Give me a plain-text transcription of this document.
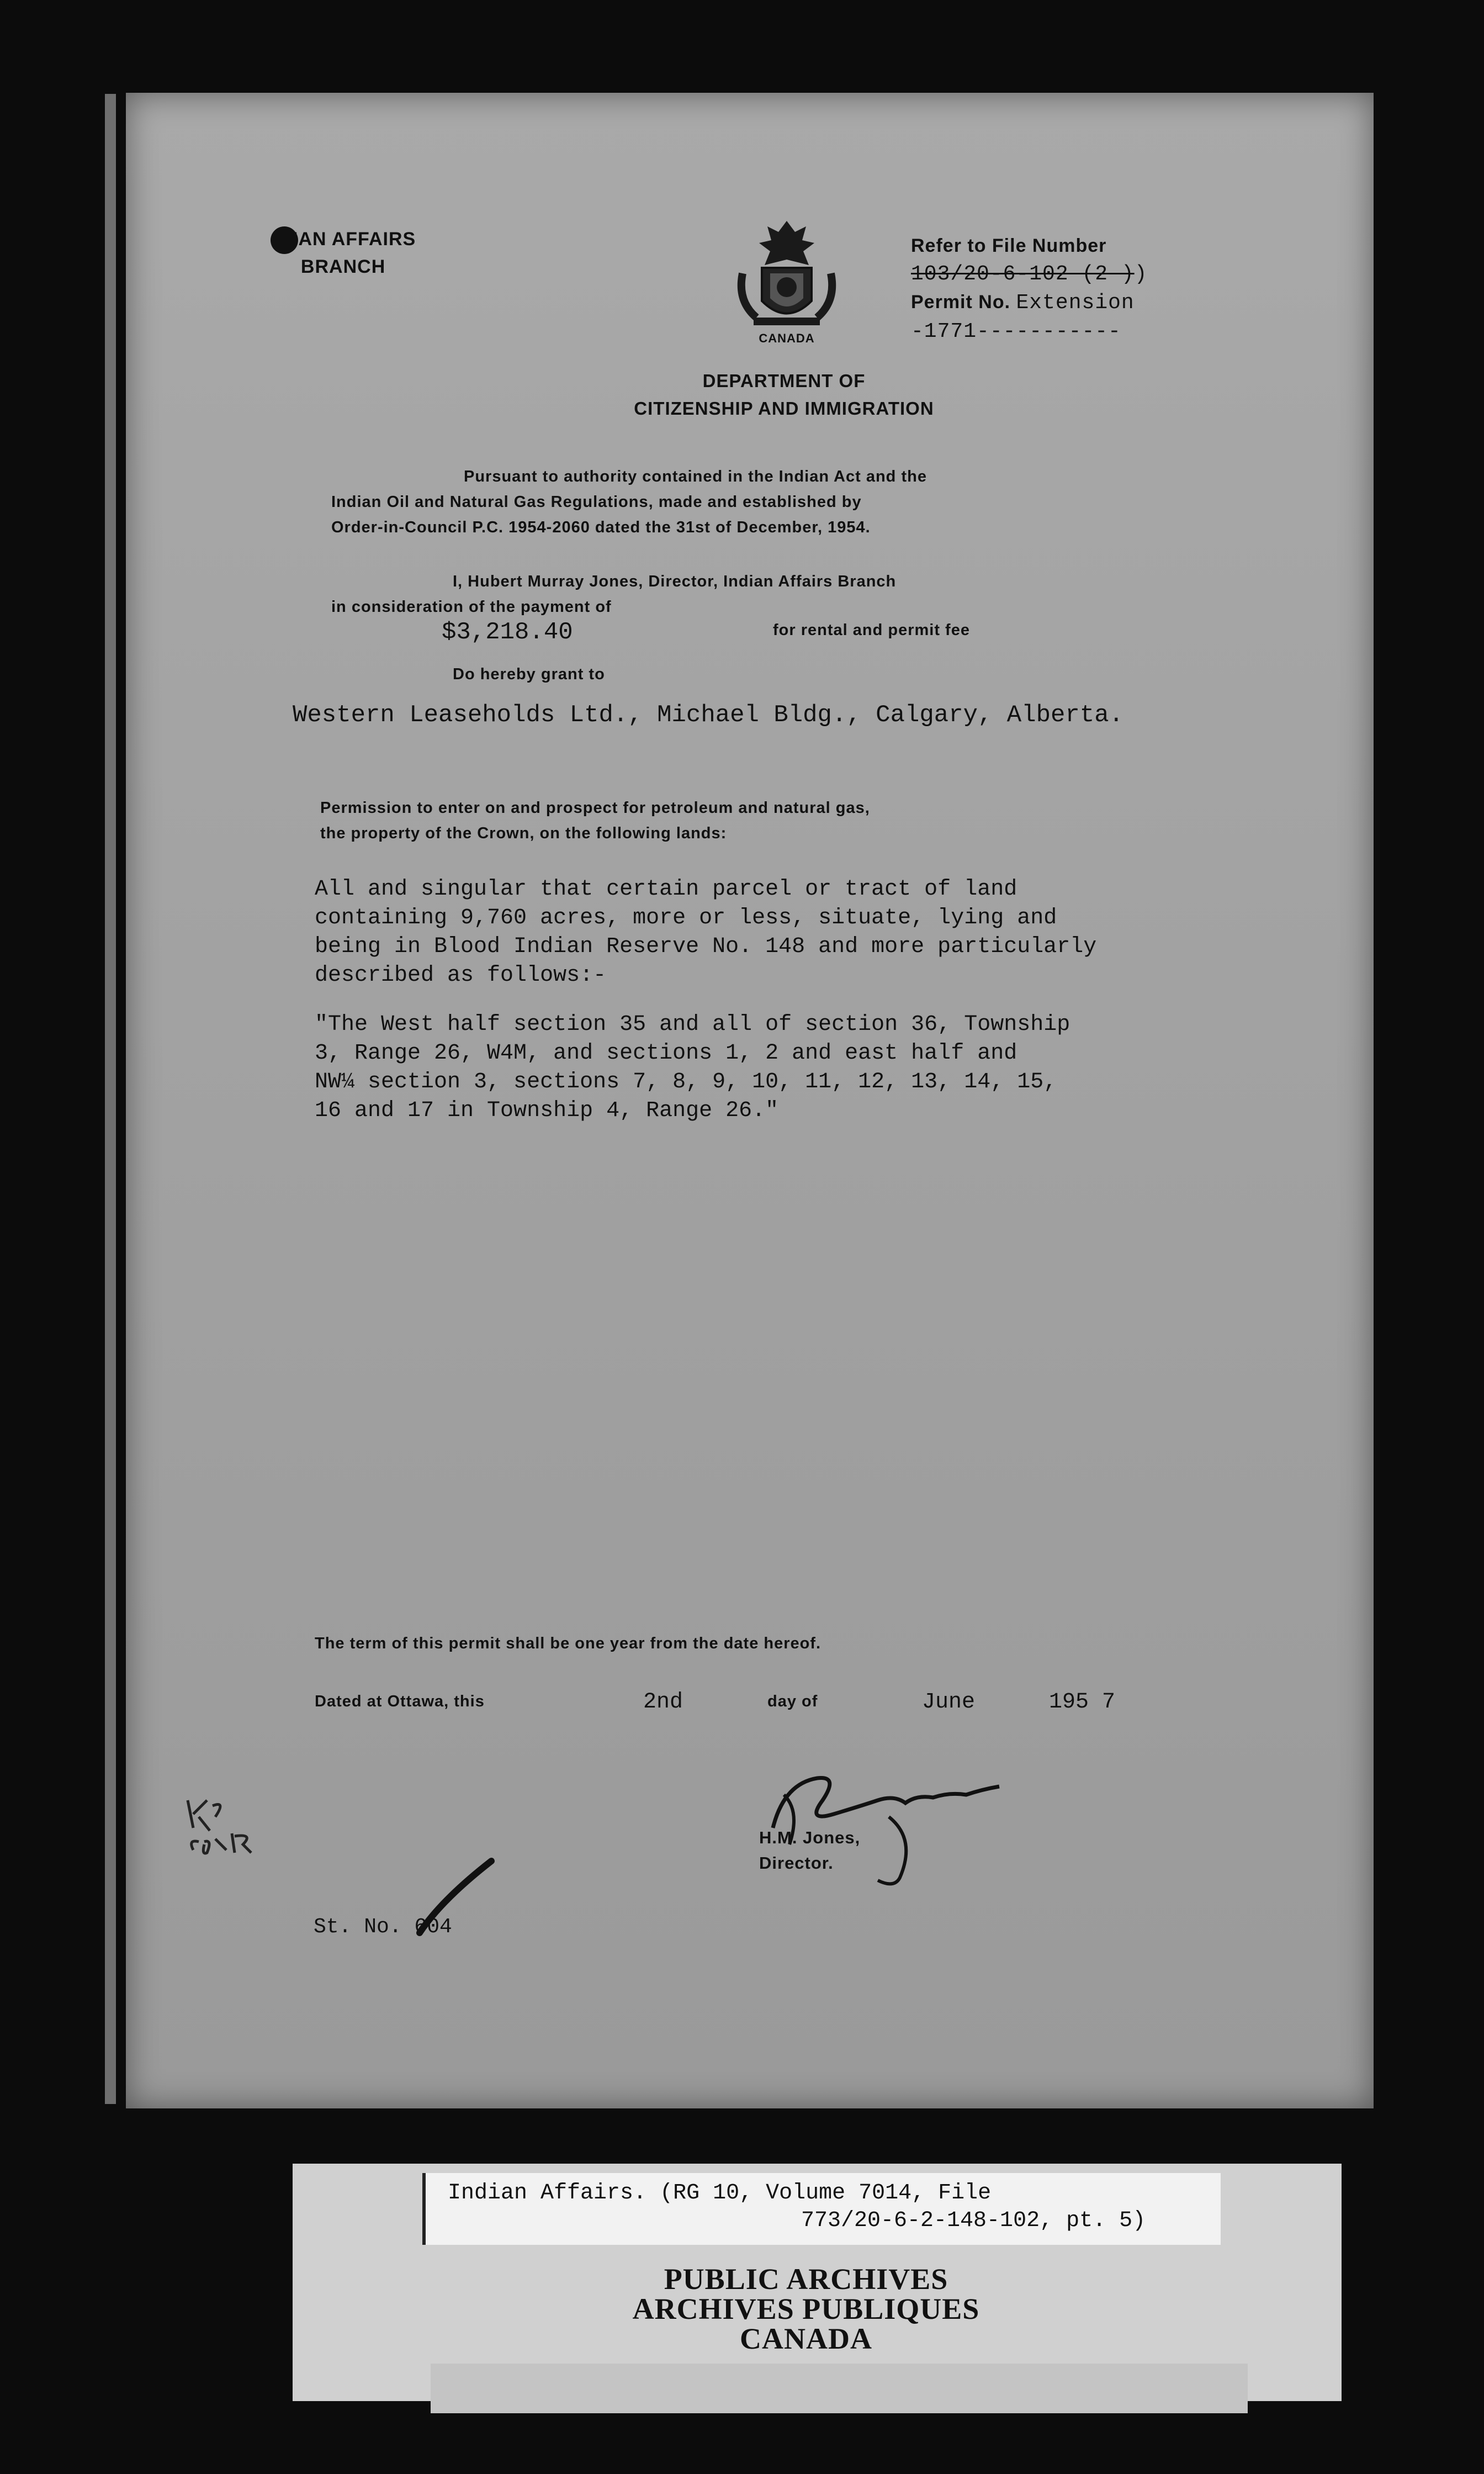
IAN AFFAIRS
BRANCH
CANADA
DEPARTMENT OF
CITIZENSHIP AND IMMIGRATION
Refer to File Number
103/20-6-102 (2 ))
Permit No. Extension
-1771-----------
Pursuant to authority contained in the Indian Act and the
Indian Oil and Natural Gas Regulations, made and established by
Order-in-Council P.C. 1954-2060 dated the 31st of December, 1954.
I, Hubert Murray Jones, Director, Indian Affairs Branch
in consideration of the payment of
$3,218.40	for rental and permit fee
Do hereby grant to
Western Leaseholds Ltd., Michael Bldg., Calgary, Alberta.
Permission to enter on and prospect for petroleum and natural gas,
the property of the Crown, on the following lands:
All and singular that certain parcel or tract of land
containing 9,760 acres, more or less, situate, lying and
being in Blood Indian Reserve No. 148 and more particularly
described as follows:-
"The West half section 35 and all of section 36, Township
3, Range 26, W4M, and sections 1, 2 and east half and
NW¼ section 3, sections 7, 8, 9, 10, 11, 12, 13, 14, 15,
16 and 17 in Township 4, Range 26."
The term of this permit shall be one year from the date hereof.
Dated at Ottawa, this	2nd	day of	June	195 7
H.M. Jones,
Director.
St. No. 604
Indian Affairs. (RG 10, Volume 7014, File
773/20-6-2-148-102, pt. 5)
PUBLIC ARCHIVES
ARCHIVES PUBLIQUES
CANADA
